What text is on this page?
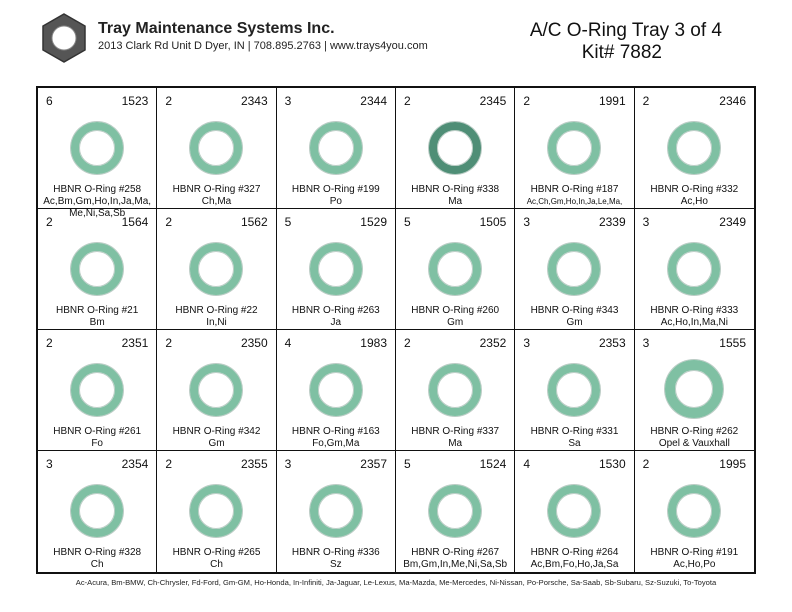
Tray Maintenance Systems Inc.
2013 Clark Rd Unit D Dyer, IN | 708.895.2763 | www.trays4you.com
A/C O-Ring Tray 3 of 4
Kit# 7882
6	1523
HBNR O-Ring #258
Ac,Bm,Gm,Ho,In,Ja,Ma,
Me,Ni,Sa,Sb
2	2343
HBNR O-Ring #327
Ch,Ma
3	2344
HBNR O-Ring #199
Po
2	2345
HBNR O-Ring #338
Ma
2	1991
HBNR O-Ring #187
Ac,Ch,Gm,Ho,In,Ja,Le,Ma,
2	2346
HBNR O-Ring #332
Ac,Ho
2	1564
HBNR O-Ring #21
Bm
2	1562
HBNR O-Ring #22
In,Ni
5	1529
HBNR O-Ring #263
Ja
5	1505
HBNR O-Ring #260
Gm
3	2339
HBNR O-Ring #343
Gm
3	2349
HBNR O-Ring #333
Ac,Ho,In,Ma,Ni
2	2351
HBNR O-Ring #261
Fo
2	2350
HBNR O-Ring #342
Gm
4	1983
HBNR O-Ring #163
Fo,Gm,Ma
2	2352
HBNR O-Ring #337
Ma
3	2353
HBNR O-Ring #331
Sa
3	1555
HBNR O-Ring #262
Opel & Vauxhall
3	2354
HBNR O-Ring #328
Ch
2	2355
HBNR O-Ring #265
Ch
3	2357
HBNR O-Ring #336
Sz
5	1524
HBNR O-Ring #267
Bm,Gm,In,Me,Ni,Sa,Sb
4	1530
HBNR O-Ring #264
Ac,Bm,Fo,Ho,Ja,Sa
2	1995
HBNR O-Ring #191
Ac,Ho,Po
Ac-Acura, Bm-BMW, Ch-Chrysler, Fd-Ford, Gm-GM, Ho-Honda, In-Infiniti, Ja-Jaguar, Le-Lexus, Ma-Mazda, Me-Mercedes, Ni-Nissan, Po-Porsche, Sa-Saab, Sb-Subaru, Sz-Suzuki, To-Toyota
